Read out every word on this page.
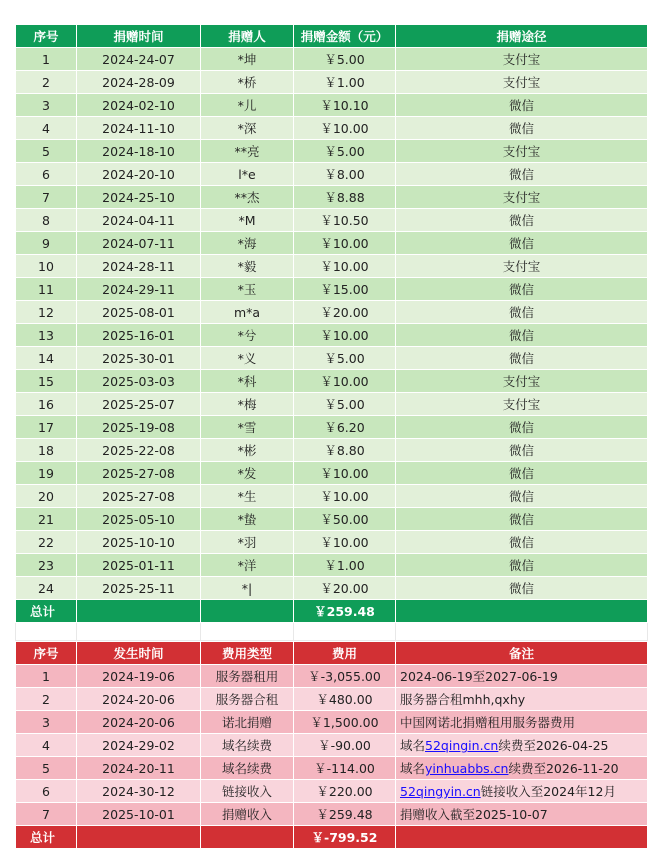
序号	捐赠时间	捐赠人	捐赠金额（元）	捐赠途径
1	2024-24-07	*坤	￥5.00	支付宝
2	2024-28-09	*桥	￥1.00	支付宝
3	2024-02-10	*儿	￥10.10	微信
4	2024-11-10	*深	￥10.00	微信
5	2024-18-10	**亮	￥5.00	支付宝
6	2024-20-10	l*e	￥8.00	微信
7	2024-25-10	**杰	￥8.88	支付宝
8	2024-04-11	*M	￥10.50	微信
9	2024-07-11	*海	￥10.00	微信
10	2024-28-11	*毅	￥10.00	支付宝
11	2024-29-11	*玉	￥15.00	微信
12	2025-08-01	m*a	￥20.00	微信
13	2025-16-01	*兮	￥10.00	微信
14	2025-30-01	*义	￥5.00	微信
15	2025-03-03	*科	￥10.00	支付宝
16	2025-25-07	*梅	￥5.00	支付宝
17	2025-19-08	*雪	￥6.20	微信
18	2025-22-08	*彬	￥8.80	微信
19	2025-27-08	*发	￥10.00	微信
20	2025-27-08	*生	￥10.00	微信
21	2025-05-10	*蛰	￥50.00	微信
22	2025-10-10	*羽	￥10.00	微信
23	2025-01-11	*洋	￥1.00	微信
24	2025-25-11	*|	￥20.00	微信
总计			￥259.48	

序号	发生时间	费用类型	费用	备注
1	2024-19-06	服务器租用	￥-3,055.00	2024-06-19至2027-06-19
2	2024-20-06	服务器合租	￥480.00	服务器合租mhh,qxhy
3	2024-20-06	诺北捐赠	￥1,500.00	中国网诺北捐赠租用服务器费用
4	2024-29-02	域名续费	￥-90.00	域名52qingin.cn续费至2026-04-25
5	2024-20-11	域名续费	￥-114.00	域名yinhuabbs.cn续费至2026-11-20
6	2024-30-12	链接收入	￥220.00	52qingyin.cn链接收入至2024年12月
7	2025-10-01	捐赠收入	￥259.48	捐赠收入截至2025-10-07
总计			￥-799.52	
